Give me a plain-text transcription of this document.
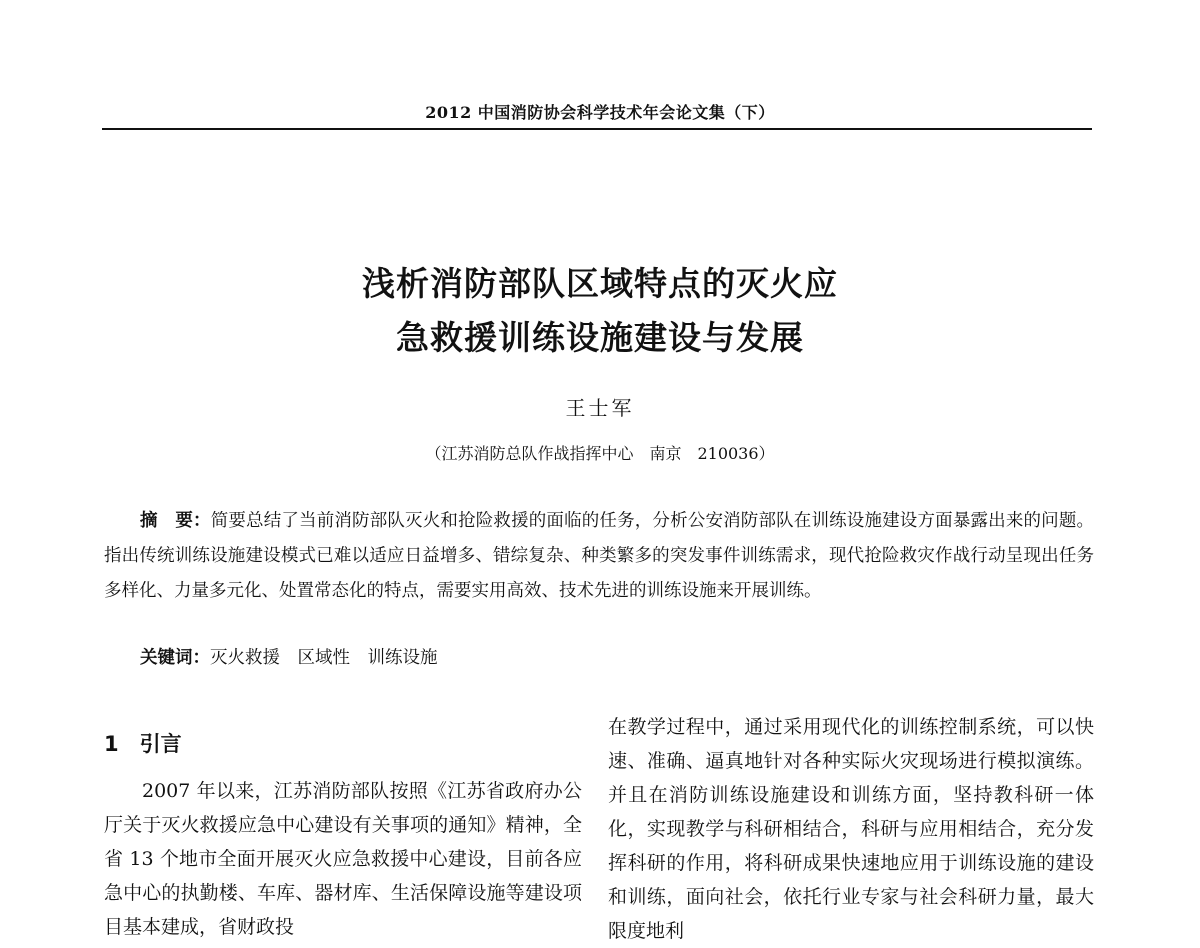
2012 中国消防协会科学技术年会论文集（下）
浅析消防部队区域特点的灭火应
急救援训练设施建设与发展
王士军
（江苏消防总队作战指挥中心　南京　210036）

摘　要：简要总结了当前消防部队灭火和抢险救援的面临的任务，分析公安消防部队在训练设施建设方面暴露出来的问题。指出传统训练设施建设模式已难以适应日益增多、错综复杂、种类繁多的突发事件训练需求，现代抢险救灾作战行动呈现出任务多样化、力量多元化、处置常态化的特点，需要实用高效、技术先进的训练设施来开展训练。

关键词：灭火救援　区域性　训练设施
1　引言

2007 年以来，江苏消防部队按照《江苏省政府办公厅关于灭火救援应急中心建设有关事项的通知》精神，全省 13 个地市全面开展灭火应急救援中心建设，目前各应急中心的执勤楼、车库、器材库、生活保障设施等建设项目基本建成，省财政投

在教学过程中，通过采用现代化的训练控制系统，可以快速、准确、逼真地针对各种实际火灾现场进行模拟演练。并且在消防训练设施建设和训练方面，坚持教科研一体化，实现教学与科研相结合，科研与应用相结合，充分发挥科研的作用，将科研成果快速地应用于训练设施的建设和训练，面向社会，依托行业专家与社会科研力量，最大限度地利
